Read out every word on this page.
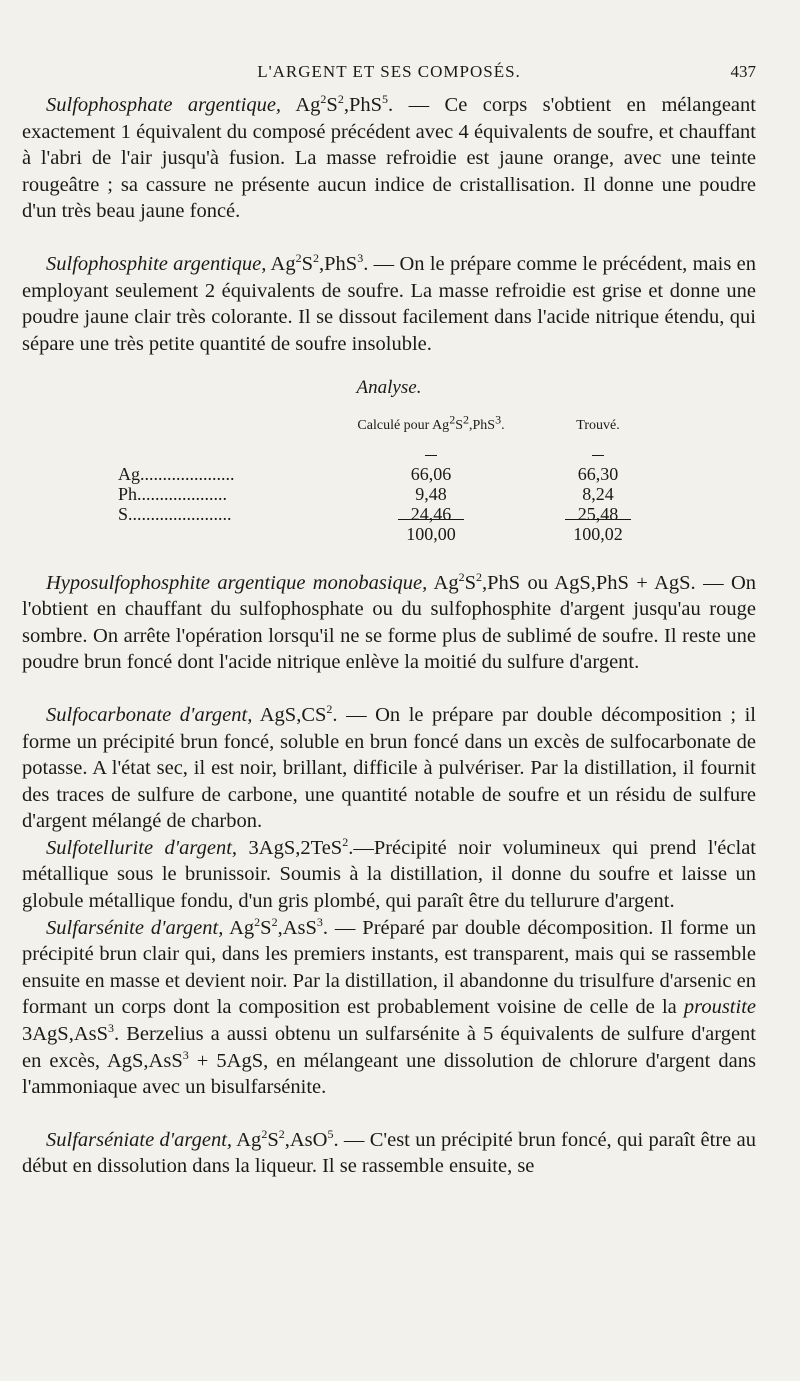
L'ARGENT ET SES COMPOSÉS.	437

Sulfophosphate argentique, $Ag^2S^2,PhS^5$. — Ce corps s'obtient en mélangeant exactement 1 équivalent du composé précédent avec 4 équivalents de soufre, et chauffant à l'abri de l'air jusqu'à fusion. La masse refroidie est jaune orange, avec une teinte rougeâtre ; sa cassure ne présente aucun indice de cristallisation. Il donne une poudre d'un très beau jaune foncé.

Sulfophosphite argentique, $Ag^2S^2,PhS^3$. — On le prépare comme le précédent, mais en employant seulement 2 équivalents de soufre. La masse refroidie est grise et donne une poudre jaune clair très colorante. Il se dissout facilement dans l'acide nitrique étendu, qui sépare une très petite quantité de soufre insoluble.

Analyse.
	Calculé pour $Ag^2S^2,PhS^3$.	Trouvé.

Ag.....................	66,06	66,30
Ph....................	9,48	8,24
S.......................	24,46	25,48
	100,00	100,02

Hyposulfophosphite argentique monobasique, $Ag^2S^2,PhS$ ou AgS,PhS + AgS. — On l'obtient en chauffant du sulfophosphate ou du sulfophosphite d'argent jusqu'au rouge sombre. On arrête l'opération lorsqu'il ne se forme plus de sublimé de soufre. Il reste une poudre brun foncé dont l'acide nitrique enlève la moitié du sulfure d'argent.

Sulfocarbonate d'argent, $AgS,CS^2$. — On le prépare par double décomposition ; il forme un précipité brun foncé, soluble en brun foncé dans un excès de sulfocarbonate de potasse. A l'état sec, il est noir, brillant, difficile à pulvériser. Par la distillation, il fournit des traces de sulfure de carbone, une quantité notable de soufre et un résidu de sulfure d'argent mélangé de charbon.

Sulfotellurite d'argent, 3AgS,2TeS$^2$.—Précipité noir volumineux qui prend l'éclat métallique sous le brunissoir. Soumis à la distillation, il donne du soufre et laisse un globule métallique fondu, d'un gris plombé, qui paraît être du tellurure d'argent.

Sulfarsénite d'argent, $Ag^2S^2,AsS^3$. — Préparé par double décomposition. Il forme un précipité brun clair qui, dans les premiers instants, est transparent, mais qui se rassemble ensuite en masse et devient noir. Par la distillation, il abandonne du trisulfure d'arsenic en formant un corps dont la composition est probablement voisine de celle de la proustite 3AgS,AsS$^3$. Berzelius a aussi obtenu un sulfarsénite à 5 équivalents de sulfure d'argent en excès, AgS,AsS$^3$ + 5AgS, en mélangeant une dissolution de chlorure d'argent dans l'ammoniaque avec un bisulfarsénite.

Sulfarséniate d'argent, $Ag^2S^2,AsO^5$. — C'est un précipité brun foncé, qui paraît être au début en dissolution dans la liqueur. Il se rassemble ensuite, se
